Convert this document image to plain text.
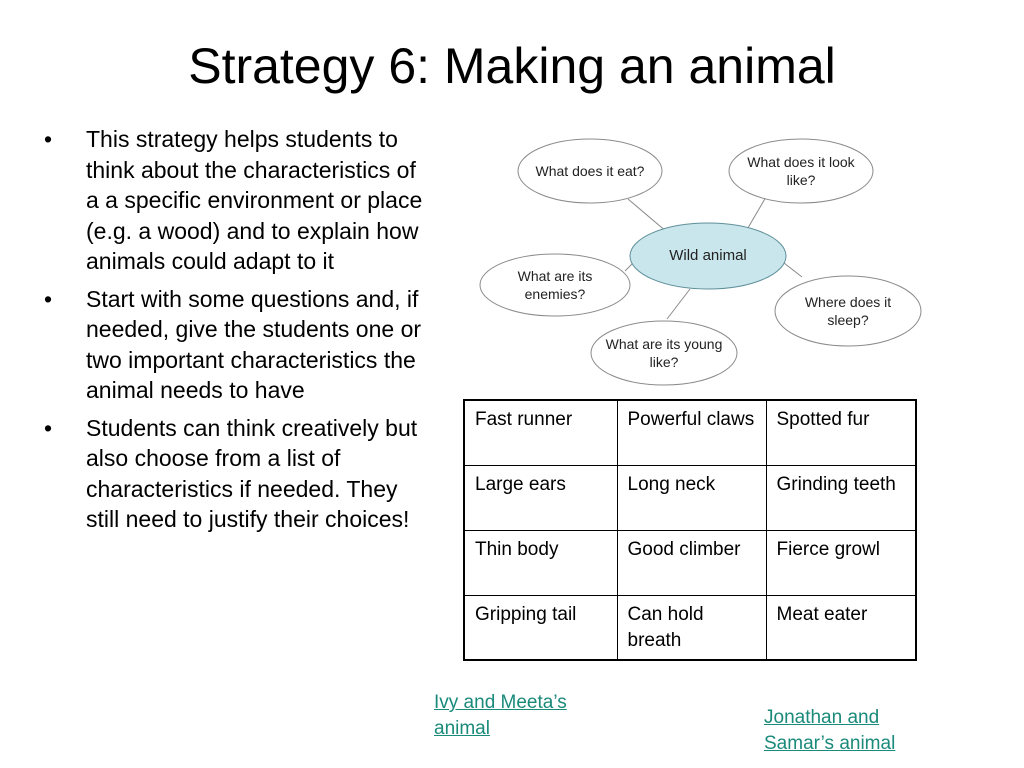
Strategy 6: Making an animal
• This strategy helps students to think about the characteristics of a a specific environment or place (e.g. a wood) and to explain how animals could adapt to it
• Start with some questions and, if needed, give the students one or two important characteristics the animal needs to have
• Students can think creatively but also choose from a list of characteristics if needed. They still need to justify their choices!
What does it eat?
What does it look like?
What are its enemies?	Where does it sleep?
What are its young like?
Wild animal
Fast runner	Powerful claws	Spotted fur
Large ears	Long neck	Grinding teeth
Thin body	Good climber	Fierce growl
Gripping tail	Can hold breath	Meat eater
Ivy and Meeta’s animal
Jonathan and Samar’s animal
